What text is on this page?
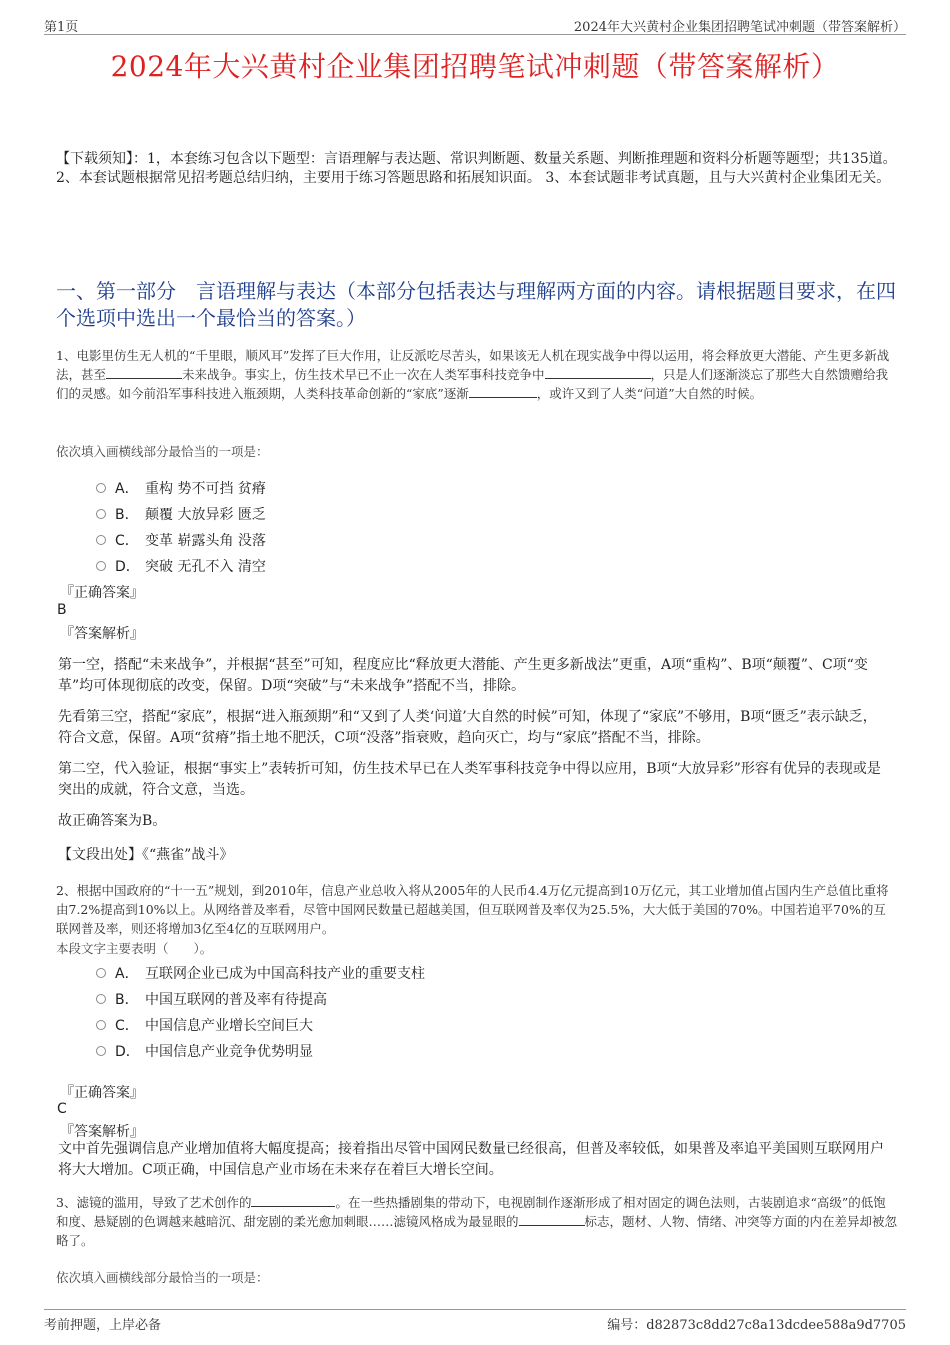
第1页	2024年大兴黄村企业集团招聘笔试冲刺题（带答案解析）
2024年大兴黄村企业集团招聘笔试冲刺题（带答案解析）
【下载须知】：1，本套练习包含以下题型：言语理解与表达题、常识判断题、数量关系题、判断推理题和资料分析题等题型；共135道。 2、本套试题根据常见招考题总结归纳，主要用于练习答题思路和拓展知识面。 3、本套试题非考试真题，且与大兴黄村企业集团无关。
一、第一部分　言语理解与表达（本部分包括表达与理解两方面的内容。请根据题目要求，在四个选项中选出一个最恰当的答案。）
1、电影里仿生无人机的“千里眼，顺风耳”发挥了巨大作用，让反派吃尽苦头，如果该无人机在现实战争中得以运用，将会释放更大潜能、产生更多新战法，甚至	未来战争。事实上，仿生技术早已不止一次在人类军事科技竞争中	，只是人们逐渐淡忘了那些大自然馈赠给我们的灵感。如今前沿军事科技进入瓶颈期，人类科技革命创新的“家底”逐渐	，或许又到了人类“问道”大自然的时候。
依次填入画横线部分最恰当的一项是：
A． 重构 势不可挡 贫瘠
B． 颠覆 大放异彩 匮乏
C． 变革 崭露头角 没落
D． 突破 无孔不入 清空
『正确答案』
B
『答案解析』
第一空，搭配“未来战争”，并根据“甚至”可知，程度应比“释放更大潜能、产生更多新战法”更重，A项“重构”、B项“颠覆”、C项“变革”均可体现彻底的改变，保留。D项“突破”与“未来战争”搭配不当，排除。
先看第三空，搭配“家底”，根据“进入瓶颈期”和“又到了人类‘问道’大自然的时候”可知，体现了“家底”不够用，B项“匮乏”表示缺乏，符合文意，保留。A项“贫瘠”指土地不肥沃，C项“没落”指衰败，趋向灭亡，均与“家底”搭配不当，排除。
第二空，代入验证，根据“事实上”表转折可知，仿生技术早已在人类军事科技竞争中得以应用，B项“大放异彩”形容有优异的表现或是突出的成就，符合文意，当选。
故正确答案为B。
【文段出处】《“燕雀”战斗》
2、根据中国政府的“十一五”规划，到2010年，信息产业总收入将从2005年的人民币4.4万亿元提高到10万亿元，其工业增加值占国内生产总值比重将由7.2%提高到10%以上。从网络普及率看，尽管中国网民数量已超越美国，但互联网普及率仅为25.5%，大大低于美国的70%。中国若追平70%的互联网普及率，则还将增加3亿至4亿的互联网用户。
本段文字主要表明（　　）。
A． 互联网企业已成为中国高科技产业的重要支柱
B． 中国互联网的普及率有待提高
C． 中国信息产业增长空间巨大
D． 中国信息产业竞争优势明显
『正确答案』
C
『答案解析』
文中首先强调信息产业增加值将大幅度提高；接着指出尽管中国网民数量已经很高，但普及率较低，如果普及率追平美国则互联网用户将大大增加。C项正确，中国信息产业市场在未来存在着巨大增长空间。
3、滤镜的滥用，导致了艺术创作的	。在一些热播剧集的带动下，电视剧制作逐渐形成了相对固定的调色法则，古装剧追求“高级”的低饱和度、悬疑剧的色调越来越暗沉、甜宠剧的柔光愈加刺眼……滤镜风格成为最显眼的	标志，题材、人物、情绪、冲突等方面的内在差异却被忽略了。
依次填入画横线部分最恰当的一项是：
考前押题，上岸必备	编号：d82873c8dd27c8a13dcdee588a9d7705
